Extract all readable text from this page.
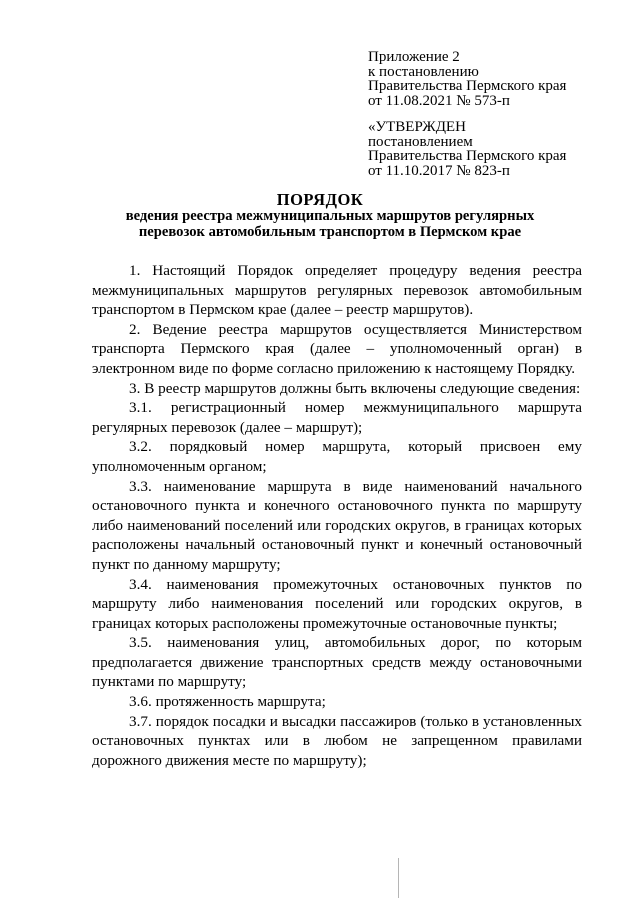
Приложение 2
к постановлению
Правительства Пермского края
от 11.08.2021 № 573-п
«УТВЕРЖДЕН
постановлением
Правительства Пермского края
от 11.10.2017 № 823-п
ПОРЯДОК
ведения реестра межмуниципальных маршрутов регулярных
перевозок автомобильным транспортом в Пермском крае

1. Настоящий Порядок определяет процедуру ведения реестра межмуниципальных маршрутов регулярных перевозок автомобильным транспортом в Пермском крае (далее – реестр маршрутов).

2. Ведение реестра маршрутов осуществляется Министерством транспорта Пермского края (далее – уполномоченный орган) в электронном виде по форме согласно приложению к настоящему Порядку.

3. В реестр маршрутов должны быть включены следующие сведения:

3.1. регистрационный номер межмуниципального маршрута регулярных перевозок (далее – маршрут);

3.2. порядковый номер маршрута, который присвоен ему уполномоченным органом;

3.3. наименование маршрута в виде наименований начального остановочного пункта и конечного остановочного пункта по маршруту либо наименований поселений или городских округов, в границах которых расположены начальный остановочный пункт и конечный остановочный пункт по данному маршруту;

3.4. наименования промежуточных остановочных пунктов по маршруту либо наименования поселений или городских округов, в границах которых расположены промежуточные остановочные пункты;

3.5. наименования улиц, автомобильных дорог, по которым предполагается движение транспортных средств между остановочными пунктами по маршруту;

3.6. протяженность маршрута;

3.7. порядок посадки и высадки пассажиров (только в установленных остановочных пунктах или в любом не запрещенном правилами дорожного движения месте по маршруту);
